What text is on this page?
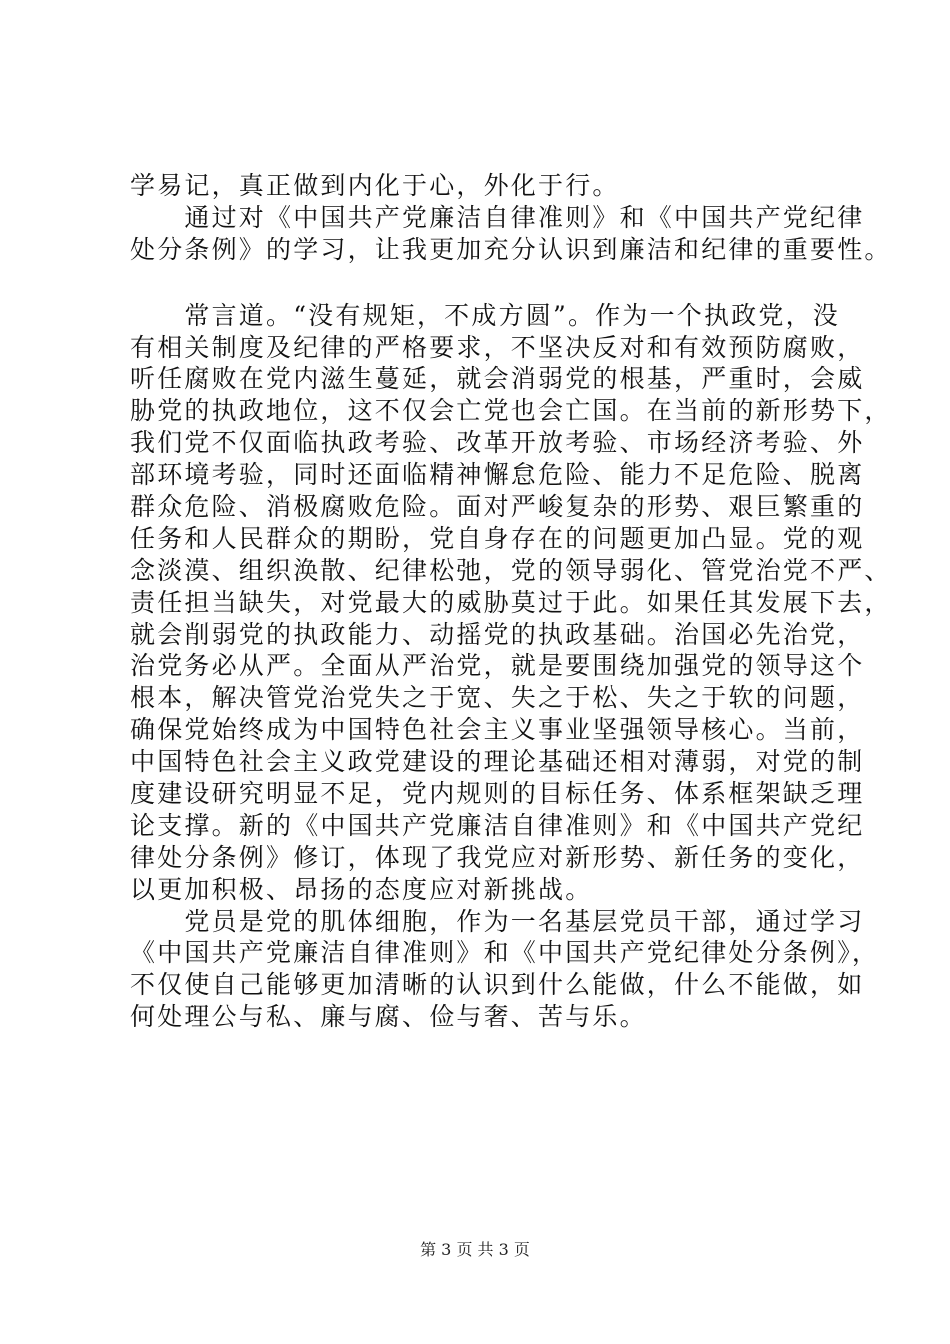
学易记，真正做到内化于心，外化于行。
　　通过对《中国共产党廉洁自律准则》和《中国共产党纪律
处分条例》的学习，让我更加充分认识到廉洁和纪律的重要性。
　　常言道。“没有规矩，不成方圆”。作为一个执政党，没
有相关制度及纪律的严格要求，不坚决反对和有效预防腐败，
听任腐败在党内滋生蔓延，就会消弱党的根基，严重时，会威
胁党的执政地位，这不仅会亡党也会亡国。在当前的新形势下，
我们党不仅面临执政考验、改革开放考验、市场经济考验、外
部环境考验，同时还面临精神懈怠危险、能力不足危险、脱离
群众危险、消极腐败危险。面对严峻复杂的形势、艰巨繁重的
任务和人民群众的期盼，党自身存在的问题更加凸显。党的观
念淡漠、组织涣散、纪律松弛，党的领导弱化、管党治党不严、
责任担当缺失，对党最大的威胁莫过于此。如果任其发展下去，
就会削弱党的执政能力、动摇党的执政基础。治国必先治党，
治党务必从严。全面从严治党，就是要围绕加强党的领导这个
根本，解决管党治党失之于宽、失之于松、失之于软的问题，
确保党始终成为中国特色社会主义事业坚强领导核心。当前，
中国特色社会主义政党建设的理论基础还相对薄弱，对党的制
度建设研究明显不足，党内规则的目标任务、体系框架缺乏理
论支撑。新的《中国共产党廉洁自律准则》和《中国共产党纪
律处分条例》修订，体现了我党应对新形势、新任务的变化，
以更加积极、昂扬的态度应对新挑战。
　　党员是党的肌体细胞，作为一名基层党员干部，通过学习
《中国共产党廉洁自律准则》和《中国共产党纪律处分条例》，
不仅使自己能够更加清晰的认识到什么能做，什么不能做，如
何处理公与私、廉与腐、俭与奢、苦与乐。
第 3 页 共 3 页
